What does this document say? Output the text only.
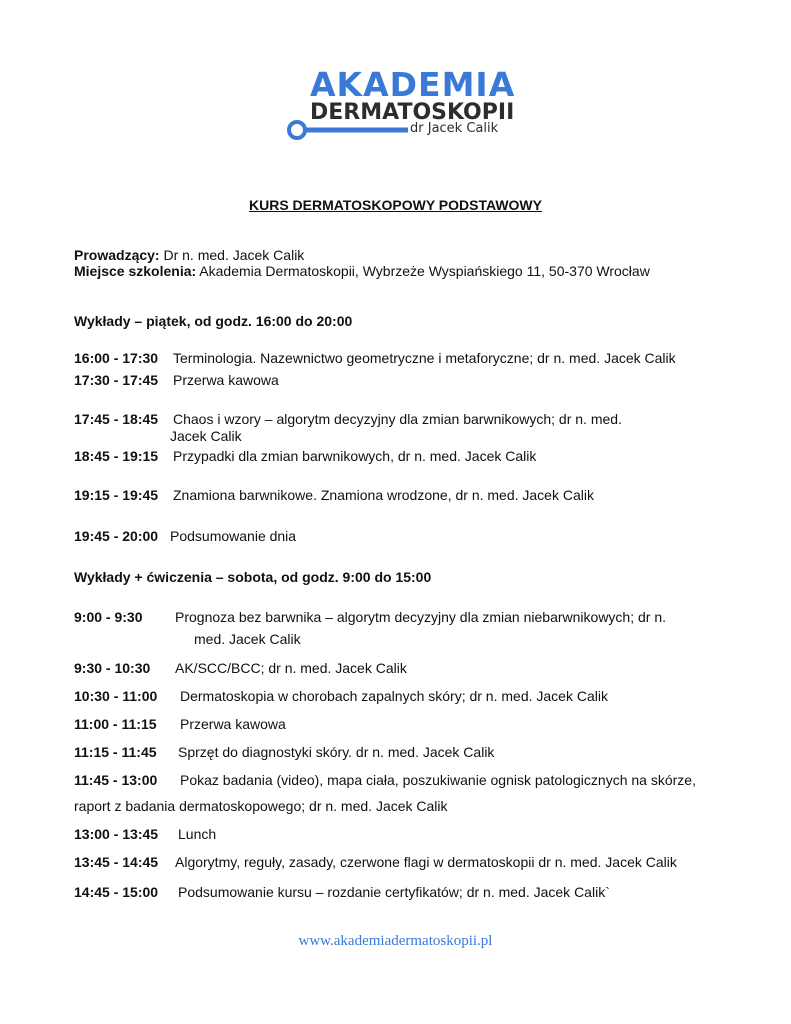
AKADEMIA
DERMATOSKOPII
dr Jacek Calik
KURS DERMATOSKOPOWY PODSTAWOWY
Prowadzący: Dr n. med. Jacek Calik
Miejsce szkolenia: Akademia Dermatoskopii, Wybrzeże Wyspiańskiego 11, 50-370 Wrocław
Wykłady – piątek, od godz. 16:00 do 20:00
16:00 - 17:30 Terminologia. Nazewnictwo geometryczne i metaforyczne; dr n. med. Jacek Calik
17:30 - 17:45 Przerwa kawowa
17:45 - 18:45 Chaos i wzory – algorytm decyzyjny dla zmian barwnikowych; dr n. med.
Jacek Calik
18:45 - 19:15 Przypadki dla zmian barwnikowych, dr n. med. Jacek Calik
19:15 - 19:45 Znamiona barwnikowe. Znamiona wrodzone, dr n. med. Jacek Calik
19:45 - 20:00 Podsumowanie dnia
Wykłady + ćwiczenia – sobota, od godz. 9:00 do 15:00
9:00 - 9:30 Prognoza bez barwnika – algorytm decyzyjny dla zmian niebarwnikowych; dr n.
med. Jacek Calik
9:30 - 10:30 AK/SCC/BCC; dr n. med. Jacek Calik
10:30 - 11:00 Dermatoskopia w chorobach zapalnych skóry; dr n. med. Jacek Calik
11:00 - 11:15 Przerwa kawowa
11:15 - 11:45 Sprzęt do diagnostyki skóry. dr n. med. Jacek Calik
11:45 - 13:00 Pokaz badania (video), mapa ciała, poszukiwanie ognisk patologicznych na skórze,
raport z badania dermatoskopowego; dr n. med. Jacek Calik
13:00 - 13:45 Lunch
13:45 - 14:45 Algorytmy, reguły, zasady, czerwone flagi w dermatoskopii dr n. med. Jacek Calik
14:45 - 15:00 Podsumowanie kursu – rozdanie certyfikatów; dr n. med. Jacek Calik`
www.akademiadermatoskopii.pl
